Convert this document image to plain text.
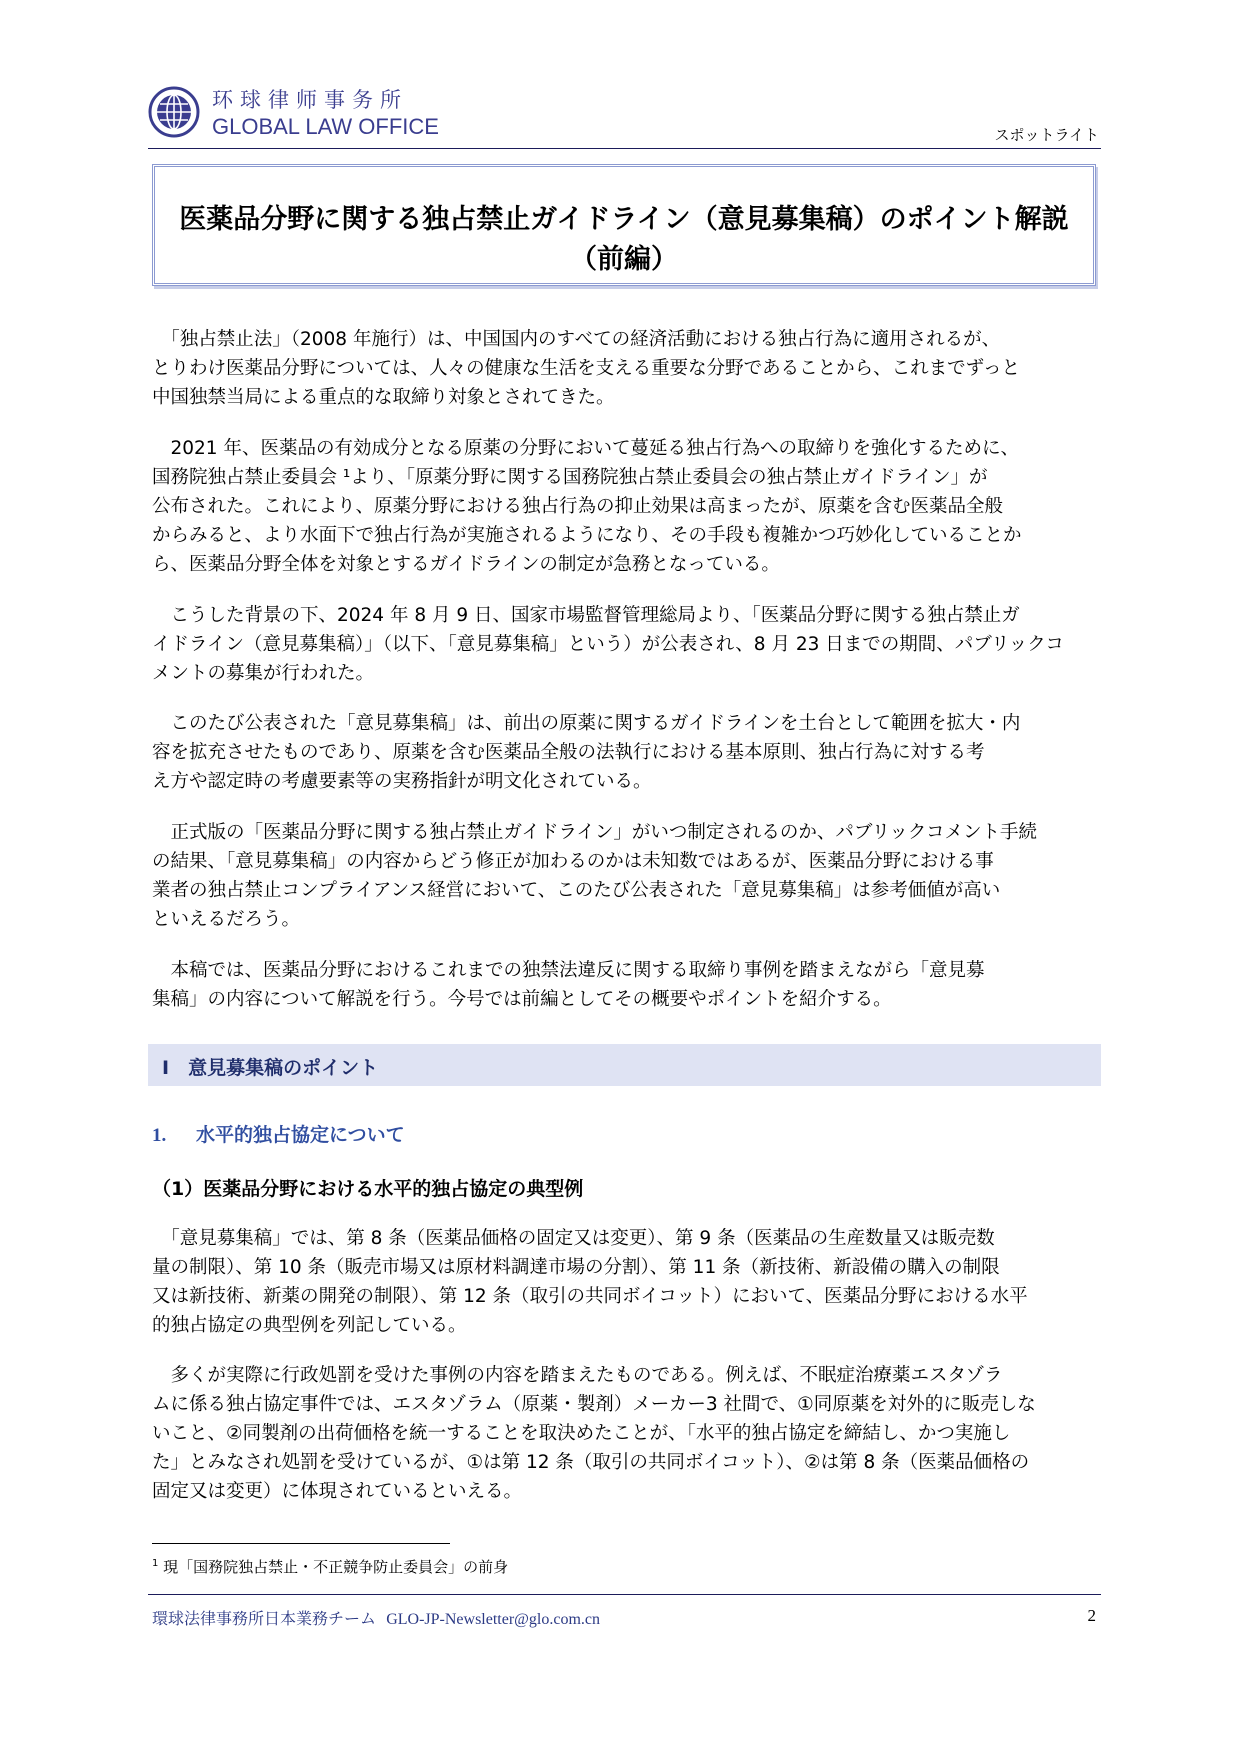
环球律师事务所
GLOBAL LAW OFFICE	スポットライト
医薬品分野に関する独占禁止ガイドライン（意見募集稿）のポイント解説
（前編）
　「独占禁止法」（2008 年施行）は、中国国内のすべての経済活動における独占行為に適用されるが、
とりわけ医薬品分野については、人々の健康な生活を支える重要な分野であることから、これまでずっと
中国独禁当局による重点的な取締り対象とされてきた。
　2021 年、医薬品の有効成分となる原薬の分野において蔓延る独占行為への取締りを強化するために、
国務院独占禁止委員会 ¹より、「原薬分野に関する国務院独占禁止委員会の独占禁止ガイドライン」が
公布された。これにより、原薬分野における独占行為の抑止効果は高まったが、原薬を含む医薬品全般
からみると、より水面下で独占行為が実施されるようになり、その手段も複雑かつ巧妙化していることか
ら、医薬品分野全体を対象とするガイドラインの制定が急務となっている。
　こうした背景の下、2024 年 8 月 9 日、国家市場監督管理総局より、「医薬品分野に関する独占禁止ガ
イドライン（意見募集稿）」（以下、「意見募集稿」という）が公表され、8 月 23 日までの期間、パブリックコ
メントの募集が行われた。
　このたび公表された「意見募集稿」は、前出の原薬に関するガイドラインを土台として範囲を拡大・内
容を拡充させたものであり、原薬を含む医薬品全般の法執行における基本原則、独占行為に対する考
え方や認定時の考慮要素等の実務指針が明文化されている。
　正式版の「医薬品分野に関する独占禁止ガイドライン」がいつ制定されるのか、パブリックコメント手続
の結果、「意見募集稿」の内容からどう修正が加わるのかは未知数ではあるが、医薬品分野における事
業者の独占禁止コンプライアンス経営において、このたび公表された「意見募集稿」は参考価値が高い
といえるだろう。
　本稿では、医薬品分野におけるこれまでの独禁法違反に関する取締り事例を踏まえながら「意見募
集稿」の内容について解説を行う。今号では前編としてその概要やポイントを紹介する。
I　意見募集稿のポイント
1. 水平的独占協定について
（1）医薬品分野における水平的独占協定の典型例
　「意見募集稿」では、第 8 条（医薬品価格の固定又は変更）、第 9 条（医薬品の生産数量又は販売数
量の制限）、第 10 条（販売市場又は原材料調達市場の分割）、第 11 条（新技術、新設備の購入の制限
又は新技術、新薬の開発の制限）、第 12 条（取引の共同ボイコット）において、医薬品分野における水平
的独占協定の典型例を列記している。
　多くが実際に行政処罰を受けた事例の内容を踏まえたものである。例えば、不眠症治療薬エスタゾラ
ムに係る独占協定事件では、エスタゾラム（原薬・製剤）メーカー3 社間で、①同原薬を対外的に販売しな
いこと、②同製剤の出荷価格を統一することを取決めたことが、「水平的独占協定を締結し、かつ実施し
た」とみなされ処罰を受けているが、①は第 12 条（取引の共同ボイコット）、②は第 8 条（医薬品価格の
固定又は変更）に体現されているといえる。
$^1$ 現「国務院独占禁止・不正競争防止委員会」の前身
環球法律事務所日本業務チーム GLO-JP-Newsletter@glo.com.cn	2
